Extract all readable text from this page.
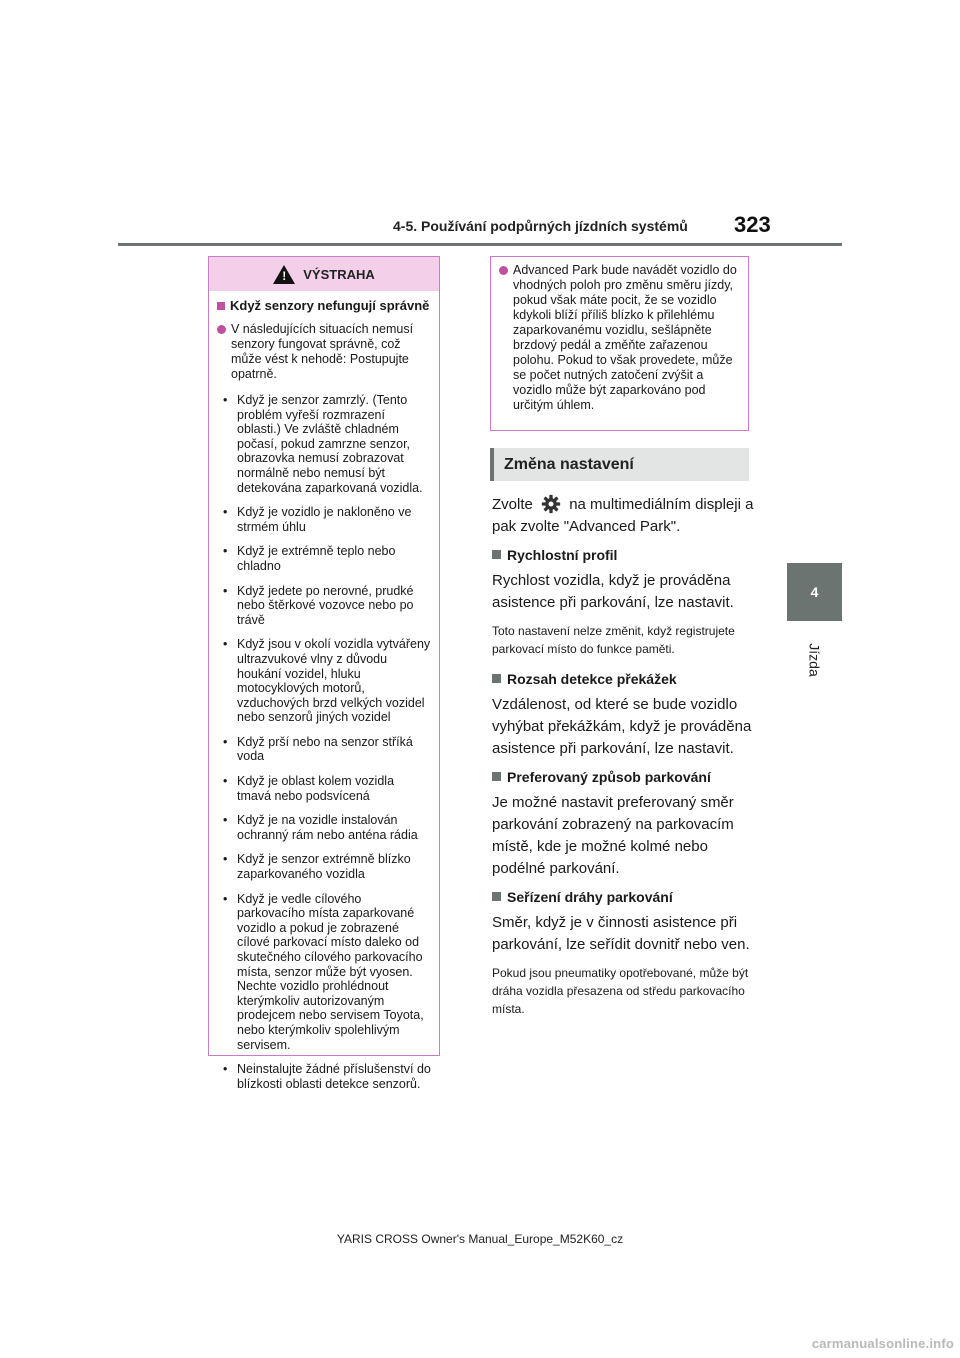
4-5. Používání podpůrných jízdních systémů 323
4
Jízda
!
VÝSTRAHA
Když senzory nefungují správně
V následujících situacích nemusí senzory fungovat správně, což může vést k nehodě: Postupujte opatrně.
• Když je senzor zamrzlý. (Tento problém vyřeší rozmrazení oblasti.) Ve zvláště chladném počasí, pokud zamrzne senzor, obrazovka nemusí zobrazovat normálně nebo nemusí být detekována zaparkovaná vozidla.
• Když je vozidlo je nakloněno ve strmém úhlu
• Když je extrémně teplo nebo chladno
• Když jedete po nerovné, prudké nebo štěrkové vozovce nebo po trávě
• Když jsou v okolí vozidla vytvářeny ultrazvukové vlny z důvodu houkání vozidel, hluku motocyklových motorů, vzduchových brzd velkých vozidel nebo senzorů jiných vozidel
• Když prší nebo na senzor stříká voda
• Když je oblast kolem vozidla tmavá nebo podsvícená
• Když je na vozidle instalován ochranný rám nebo anténa rádia
• Když je senzor extrémně blízko zaparkovaného vozidla
• Když je vedle cílového parkovacího místa zaparkované vozidlo a pokud je zobrazené cílové parkovací místo daleko od skutečného cílového parkovacího místa, senzor může být vyosen. Nechte vozidlo prohlédnout kterýmkoliv autorizovaným prodejcem nebo servisem Toyota, nebo kterýmkoliv spolehlivým servisem.
• Neinstalujte žádné příslušenství do blízkosti oblasti detekce senzorů.
Advanced Park bude navádět vozidlo do vhodných poloh pro změnu směru jízdy, pokud však máte pocit, že se vozidlo kdykoli blíží příliš blízko k přilehlému zaparkovanému vozidlu, sešlápněte brzdový pedál a změňte zařazenou polohu. Pokud to však provedete, může se počet nutných zatočení zvýšit a vozidlo může být zaparkováno pod určitým úhlem.
Změna nastavení

Zvolte na multimediálním displeji a pak zvolte "Advanced Park".

Rychlostní profil

Rychlost vozidla, když je prováděna asistence při parkování, lze nastavit.

Toto nastavení nelze změnit, když registrujete parkovací místo do funkce paměti.

Rozsah detekce překážek

Vzdálenost, od které se bude vozidlo vyhýbat překážkám, když je prováděna asistence při parkování, lze nastavit.

Preferovaný způsob parkování

Je možné nastavit preferovaný směr parkování zobrazený na parkovacím místě, kde je možné kolmé nebo podélné parkování.

Seřízení dráhy parkování

Směr, když je v činnosti asistence při parkování, lze seřídit dovnitř nebo ven.

Pokud jsou pneumatiky opotřebované, může být dráha vozidla přesazena od středu parkovacího místa.

YARIS CROSS Owner's Manual_Europe_M52K60_cz
carmanualsonline.info
